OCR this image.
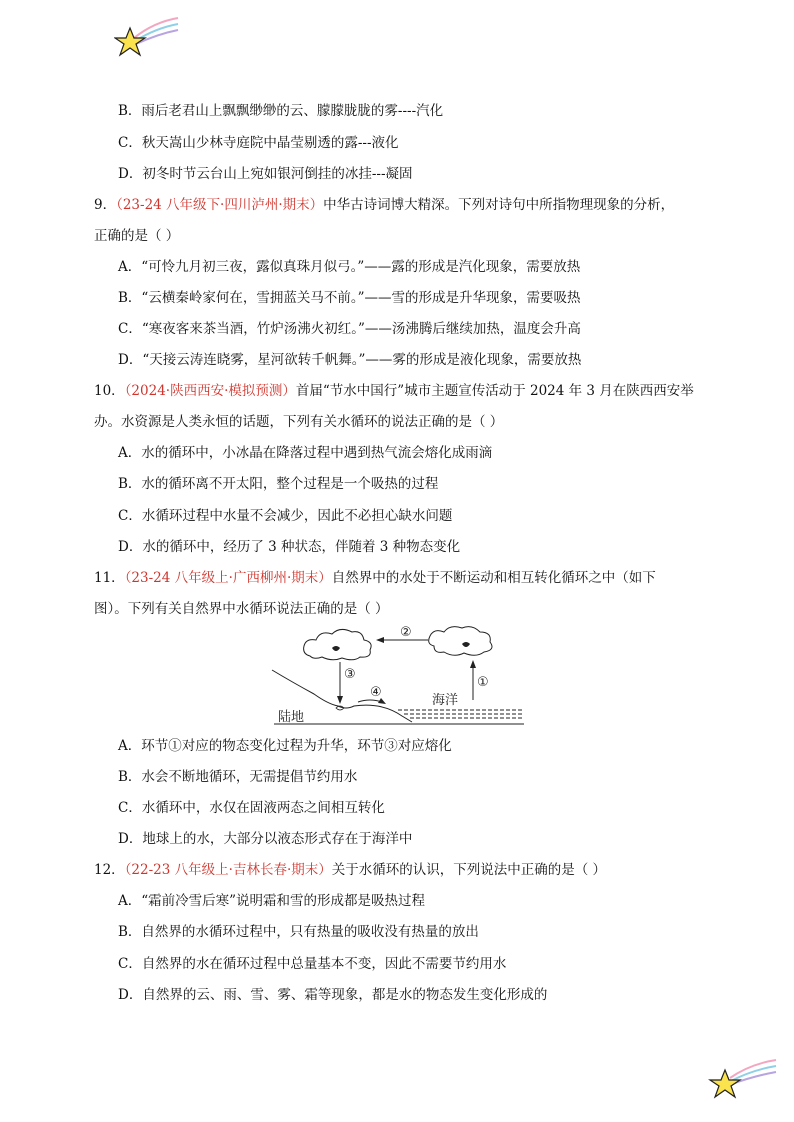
B．雨后老君山上飘飘缈缈的云、朦朦胧胧的雾----汽化
C．秋天嵩山少林寺庭院中晶莹剔透的露---液化
D．初冬时节云台山上宛如银河倒挂的冰挂---凝固
9．（23-24 八年级下·四川泸州·期末）中华古诗词博大精深。下列对诗句中所指物理现象的分析，
正确的是（ ）
A．“可怜九月初三夜，露似真珠月似弓。”——露的形成是汽化现象，需要放热
B．“云横秦岭家何在，雪拥蓝关马不前。”——雪的形成是升华现象，需要吸热
C．“寒夜客来茶当酒，竹炉汤沸火初红。”——汤沸腾后继续加热，温度会升高
D．“天接云涛连晓雾，星河欲转千帆舞。”——雾的形成是液化现象，需要放热
10．（2024·陕西西安·模拟预测）首届“节水中国行”城市主题宣传活动于 2024 年 3 月在陕西西安举
办。水资源是人类永恒的话题，下列有关水循环的说法正确的是（ ）
A．水的循环中，小冰晶在降落过程中遇到热气流会熔化成雨滴
B．水的循环离不开太阳，整个过程是一个吸热的过程
C．水循环过程中水量不会减少，因此不必担心缺水问题
D．水的循环中，经历了 3 种状态，伴随着 3 种物态变化
11．（23-24 八年级上·广西柳州·期末）自然界中的水处于不断运动和相互转化循环之中（如下
图）。下列有关自然界中水循环说法正确的是（ ）
②
③
①
④
海洋
陆地
A．环节①对应的物态变化过程为升华，环节③对应熔化
B．水会不断地循环，无需提倡节约用水
C．水循环中，水仅在固液两态之间相互转化
D．地球上的水，大部分以液态形式存在于海洋中
12．（22-23 八年级上·吉林长春·期末）关于水循环的认识，下列说法中正确的是（ ）
A．“霜前冷雪后寒”说明霜和雪的形成都是吸热过程
B．自然界的水循环过程中，只有热量的吸收没有热量的放出
C．自然界的水在循环过程中总量基本不变，因此不需要节约用水
D．自然界的云、雨、雪、雾、霜等现象，都是水的物态发生变化形成的
